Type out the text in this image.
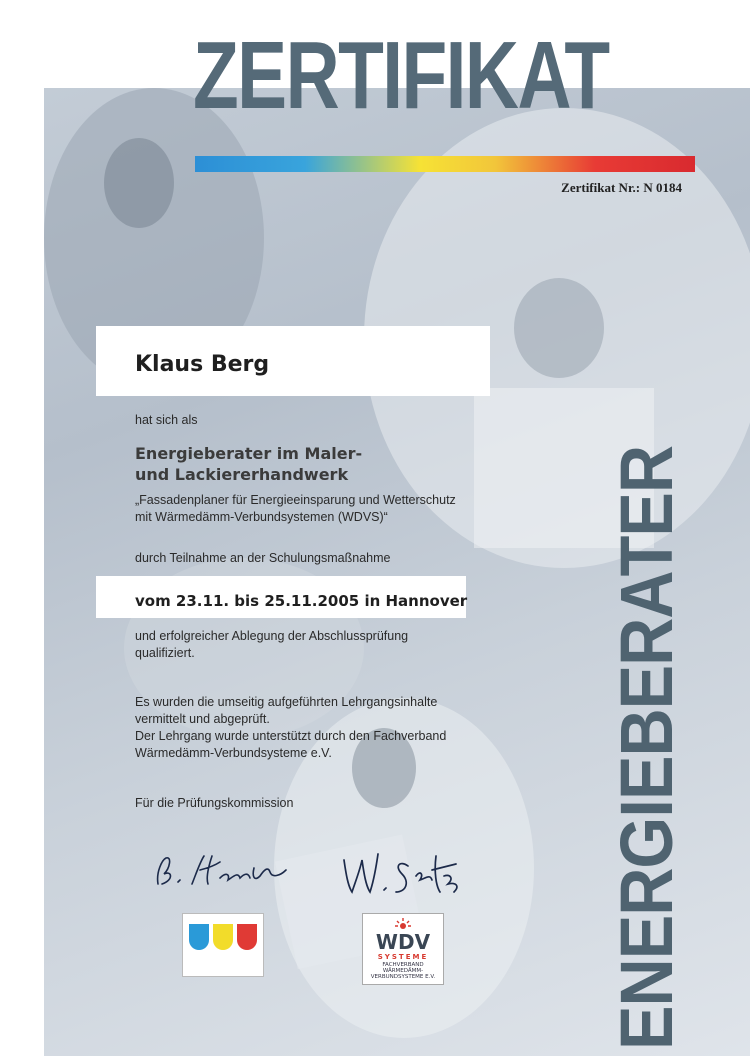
ZERTIFIKAT
Zertifikat Nr.: N 0184
Klaus Berg
hat sich als
Energieberater im Maler-
und Lackiererhandwerk
„Fassadenplaner für Energieeinsparung und Wetterschutz
mit Wärmedämm-Verbundsystemen (WDVS)“
durch Teilnahme an der Schulungsmaßnahme
vom 23.11. bis 25.11.2005 in Hannover
und erfolgreicher Ablegung der Abschlussprüfung
qualifiziert.
Es wurden die umseitig aufgeführten Lehrgangsinhalte
vermittelt und abgeprüft.
Der Lehrgang wurde unterstützt durch den Fachverband
Wärmedämm-Verbundsysteme e.V.
Für die Prüfungskommission	ENERGIEBERATER
WDV
SYSTEME
FACHVERBAND
WÄRMEDÄMM-
VERBUNDSYSTEME E.V.
